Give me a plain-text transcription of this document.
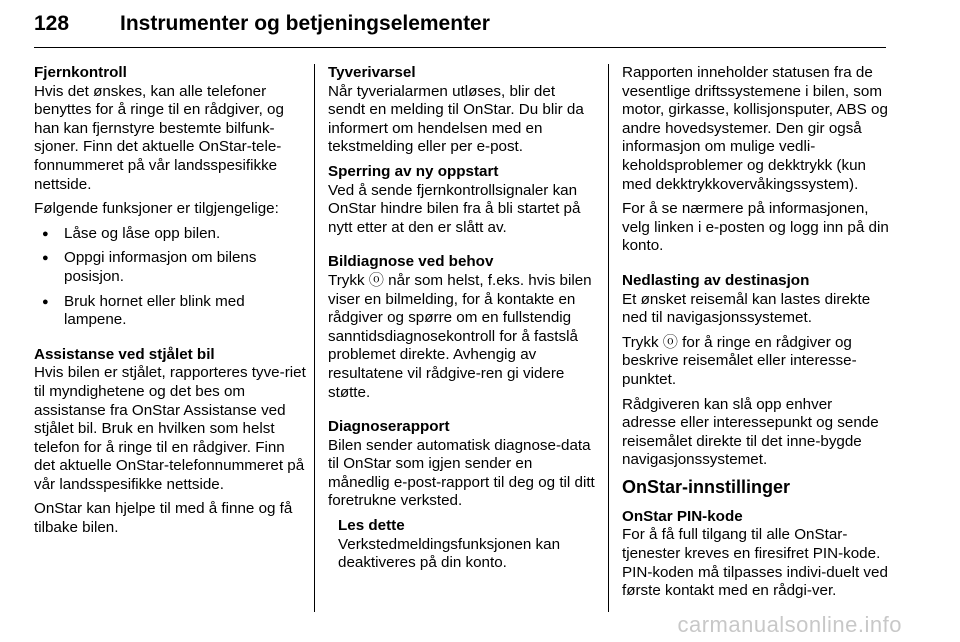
128	Instrumenter og betjeningselementer
Fjernkontroll

Hvis det ønskes, kan alle telefoner benyttes for å ringe til en rådgiver, og han kan fjernstyre bestemte bilfunk-sjoner. Finn det aktuelle OnStar-tele-fonnummeret på vår landsspesifikke nettside.

Følgende funksjoner er tilgjengelige:

● Låse og låse opp bilen.
● Oppgi informasjon om bilens posisjon.
● Bruk hornet eller blink med lampene.
Assistanse ved stjålet bil

Hvis bilen er stjålet, rapporteres tyve-riet til myndighetene og det bes om assistanse fra OnStar Assistanse ved stjålet bil. Bruk en hvilken som helst telefon for å ringe til en rådgiver. Finn det aktuelle OnStar-telefonnummeret på vår landsspesifikke nettside.

OnStar kan hjelpe til med å finne og få tilbake bilen.

Tyverivarsel

Når tyverialarmen utløses, blir det sendt en melding til OnStar. Du blir da informert om hendelsen med en tekstmelding eller per e-post.

Sperring av ny oppstart

Ved å sende fjernkontrollsignaler kan OnStar hindre bilen fra å bli startet på nytt etter at den er slått av.

Bildiagnose ved behov

Trykk ⓞ når som helst, f.eks. hvis bilen viser en bilmelding, for å kontakte en rådgiver og spørre om en fullstendig sanntidsdiagnosekontroll for å fastslå problemet direkte. Avhengig av resultatene vil rådgive-ren gi videre støtte.

Diagnoserapport

Bilen sender automatisk diagnose-data til OnStar som igjen sender en månedlig e-post-rapport til deg og til ditt foretrukne verksted.

Les dette

Verkstedmeldingsfunksjonen kan deaktiveres på din konto.

Rapporten inneholder statusen fra de vesentlige driftssystemene i bilen, som motor, girkasse, kollisjonsputer, ABS og andre hovedsystemer. Den gir også informasjon om mulige vedli-keholdsproblemer og dekktrykk (kun med dekktrykkovervåkingssystem).

For å se nærmere på informasjonen, velg linken i e-posten og logg inn på din konto.

Nedlasting av destinasjon

Et ønsket reisemål kan lastes direkte ned til navigasjonssystemet.

Trykk ⓞ for å ringe en rådgiver og beskrive reisemålet eller interesse-punktet.

Rådgiveren kan slå opp enhver adresse eller interessepunkt og sende reisemålet direkte til det inne-bygde navigasjonssystemet.

OnStar-innstillinger
OnStar PIN-kode

For å få full tilgang til alle OnStar-tjenester kreves en firesifret PIN-kode. PIN-koden må tilpasses indivi-duelt ved første kontakt med en rådgi-ver.

carmanualsonline.info
